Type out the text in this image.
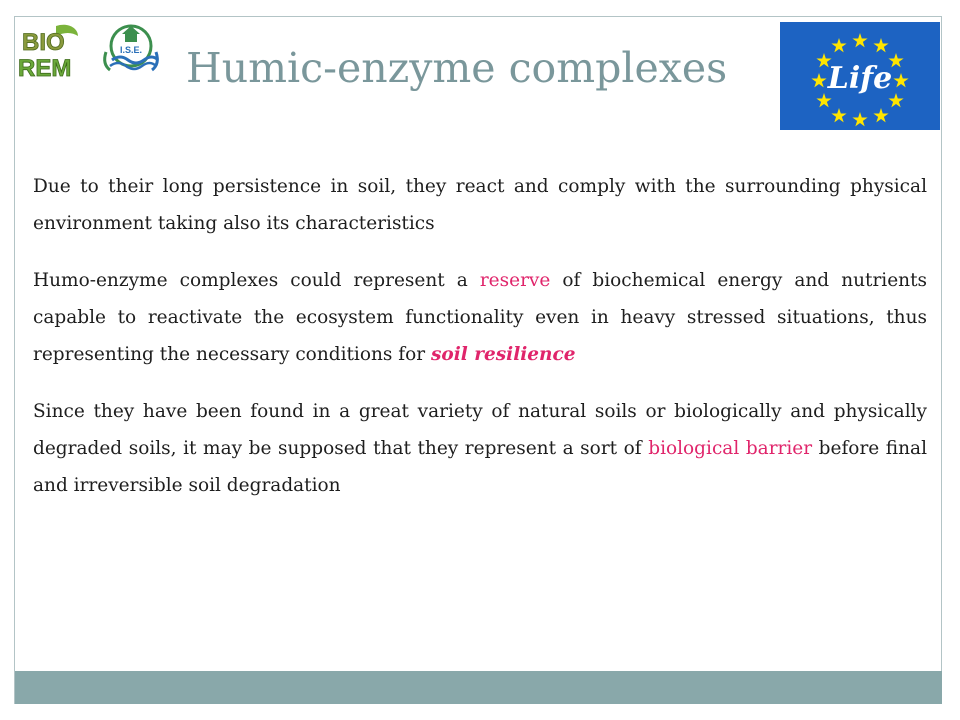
BIO
REM
I.S.E. Humic-enzyme complexes	Life

Due to their long persistence in soil, they react and comply with the surrounding physical environment taking also its characteristics

Humo-enzyme complexes could represent a reserve of biochemical energy and nutrients capable to reactivate the ecosystem functionality even in heavy stressed situations, thus representing the necessary conditions for soil resilience

Since they have been found in a great variety of natural soils or biologically and physically degraded soils, it may be supposed that they represent a sort of biological barrier before final and irreversible soil degradation
